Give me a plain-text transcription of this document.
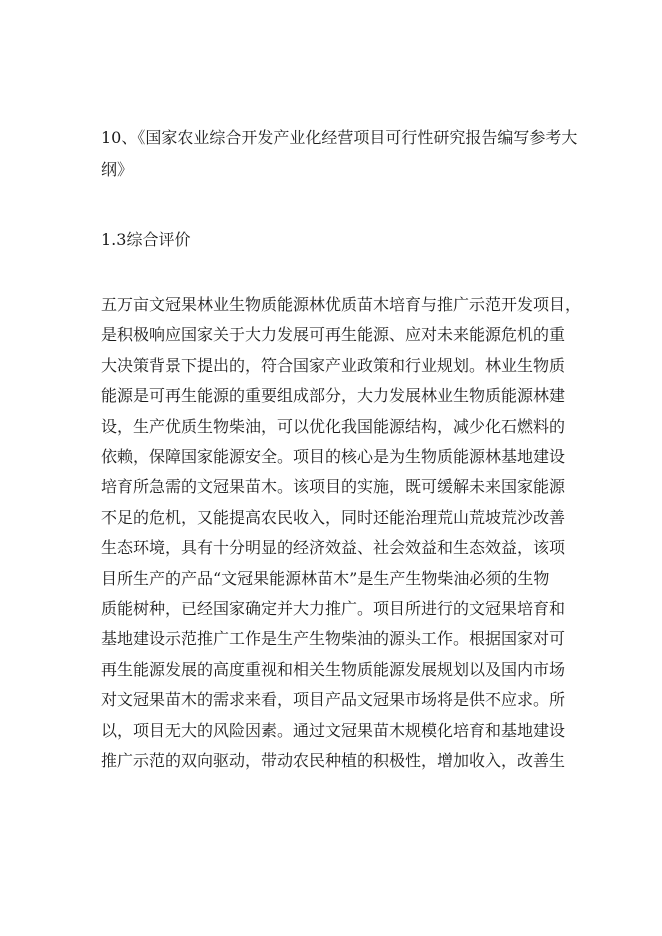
10、《国家农业综合开发产业化经营项目可行性研究报告编写参考大
纲》
1.3综合评价
五万亩文冠果林业生物质能源林优质苗木培育与推广示范开发项目，
是积极响应国家关于大力发展可再生能源、应对未来能源危机的重
大决策背景下提出的，符合国家产业政策和行业规划。林业生物质
能源是可再生能源的重要组成部分，大力发展林业生物质能源林建
设，生产优质生物柴油，可以优化我国能源结构，减少化石燃料的
依赖，保障国家能源安全。项目的核心是为生物质能源林基地建设
培育所急需的文冠果苗木。该项目的实施，既可缓解未来国家能源
不足的危机，又能提高农民收入，同时还能治理荒山荒坡荒沙改善
生态环境，具有十分明显的经济效益、社会效益和生态效益，该项
目所生产的产品“文冠果能源林苗木”是生产生物柴油必须的生物
质能树种，已经国家确定并大力推广。项目所进行的文冠果培育和
基地建设示范推广工作是生产生物柴油的源头工作。根据国家对可
再生能源发展的高度重视和相关生物质能源发展规划以及国内市场
对文冠果苗木的需求来看，项目产品文冠果市场将是供不应求。所
以，项目无大的风险因素。通过文冠果苗木规模化培育和基地建设
推广示范的双向驱动，带动农民种植的积极性，增加收入，改善生
